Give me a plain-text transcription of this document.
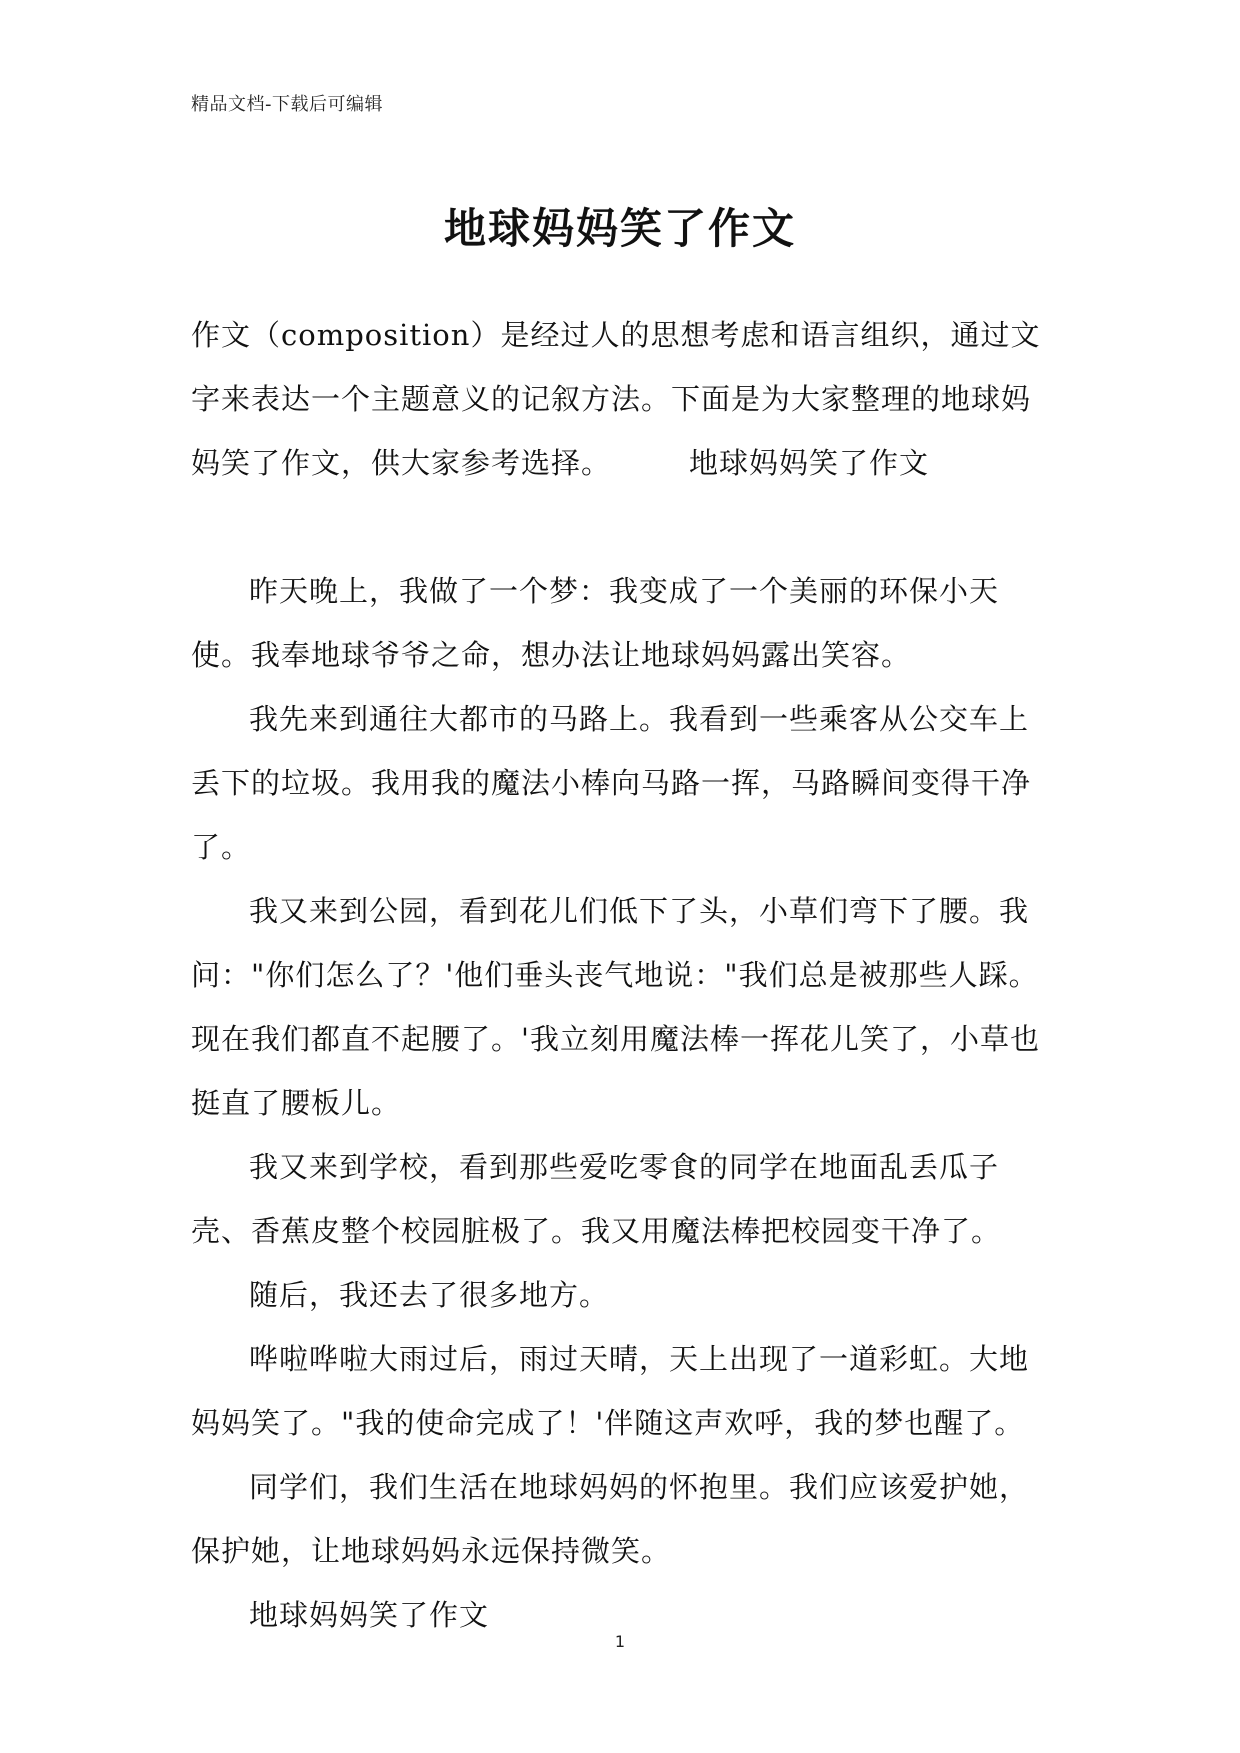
精品文档-下载后可编辑
地球妈妈笑了作文

作文（composition）是经过人的思想考虑和语言组织，通过文字来表达一个主题意义的记叙方法。下面是为大家整理的地球妈妈笑了作文，供大家参考选择。	地球妈妈笑了作文

昨天晚上，我做了一个梦：我变成了一个美丽的环保小天使。我奉地球爷爷之命，想办法让地球妈妈露出笑容。

我先来到通往大都市的马路上。我看到一些乘客从公交车上丢下的垃圾。我用我的魔法小棒向马路一挥，马路瞬间变得干净了。

我又来到公园，看到花儿们低下了头，小草们弯下了腰。我问："你们怎么了？'他们垂头丧气地说："我们总是被那些人踩。现在我们都直不起腰了。'我立刻用魔法棒一挥花儿笑了，小草也挺直了腰板儿。

我又来到学校，看到那些爱吃零食的同学在地面乱丢瓜子壳、香蕉皮整个校园脏极了。我又用魔法棒把校园变干净了。

随后，我还去了很多地方。

哗啦哗啦大雨过后，雨过天晴，天上出现了一道彩虹。大地妈妈笑了。"我的使命完成了！'伴随这声欢呼，我的梦也醒了。

同学们，我们生活在地球妈妈的怀抱里。我们应该爱护她，保护她，让地球妈妈永远保持微笑。

地球妈妈笑了作文

1
